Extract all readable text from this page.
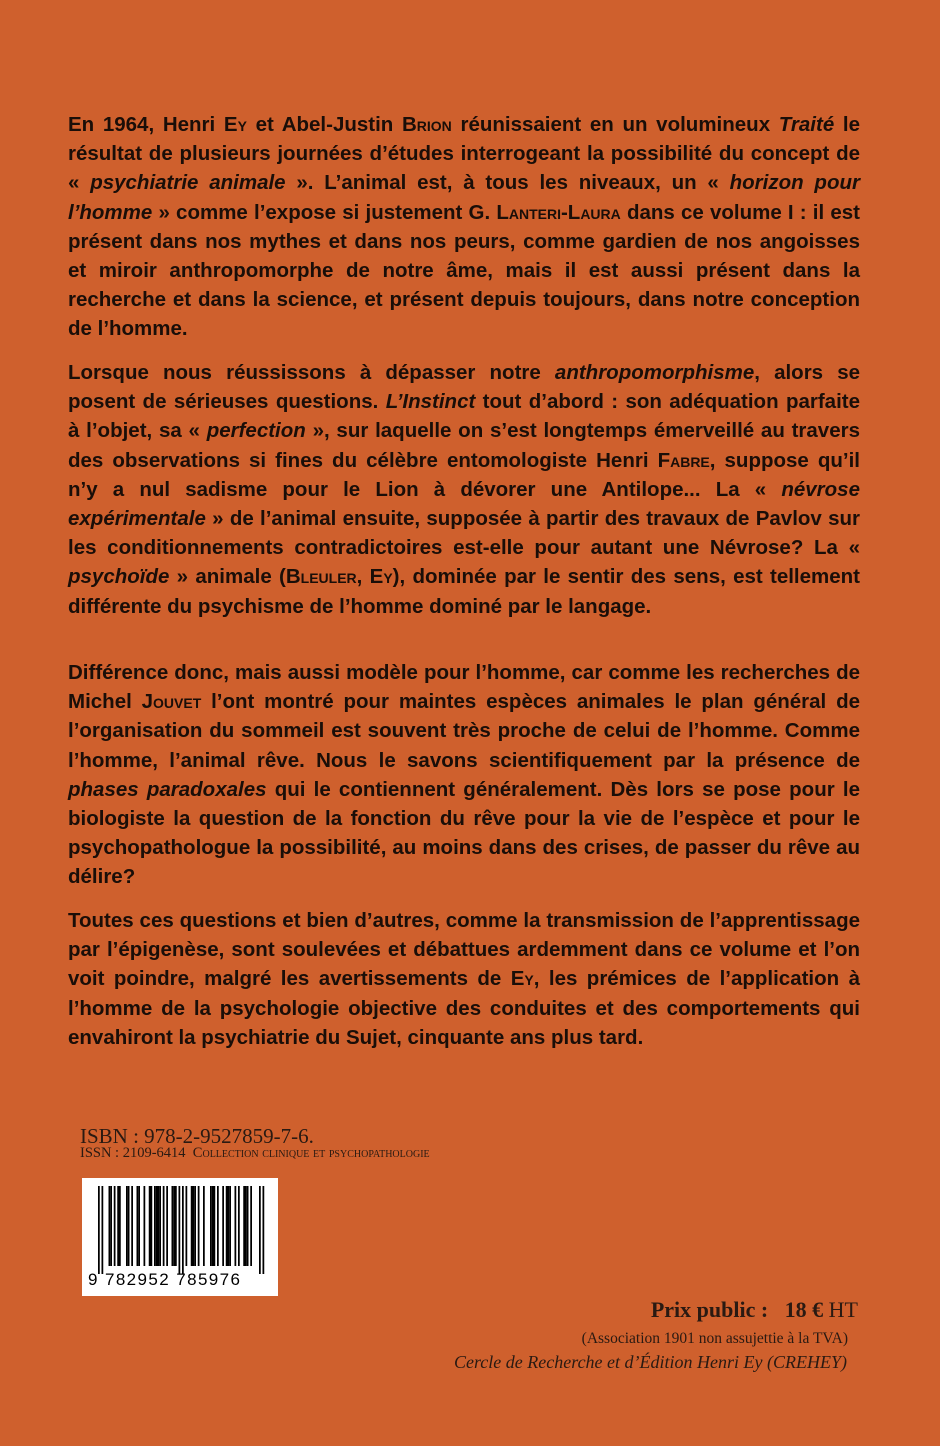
En 1964, Henri Ey et Abel-Justin Brion réunissaient en un volumineux Traité le résultat de plusieurs journées d’études interrogeant la possibilité du concept de « psychiatrie animale ». L’animal est, à tous les niveaux, un « horizon pour l’homme » comme l’expose si justement G. Lanteri-Laura dans ce volume I : il est présent dans nos mythes et dans nos peurs, comme gardien de nos angoisses et miroir anthropomorphe de notre âme, mais il est aussi présent dans la recherche et dans la science, et présent depuis toujours, dans notre conception de l’homme.

Lorsque nous réussissons à dépasser notre anthropomorphisme, alors se posent de sérieuses questions. L’Instinct tout d’abord : son adéquation parfaite à l’objet, sa « perfection », sur laquelle on s’est longtemps émerveillé au travers des observations si fines du célèbre entomologiste Henri Fabre, suppose qu’il n’y a nul sadisme pour le Lion à dévorer une Antilope... La « névrose expérimentale » de l’animal ensuite, supposée à partir des travaux de Pavlov sur les conditionnements contradictoires est-elle pour autant une Névrose? La « psychoïde » animale (Bleuler, Ey), dominée par le sentir des sens, est tellement différente du psychisme de l’homme dominé par le langage.

Différence donc, mais aussi modèle pour l’homme, car comme les recherches de Michel Jouvet l’ont montré pour maintes espèces animales le plan général de l’organisation du sommeil est souvent très proche de celui de l’homme. Comme l’homme, l’animal rêve. Nous le savons scientifiquement par la présence de phases paradoxales qui le contiennent généralement. Dès lors se pose pour le biologiste la question de la fonction du rêve pour la vie de l’espèce et pour le psychopathologue la possibilité, au moins dans des crises, de passer du rêve au délire?

Toutes ces questions et bien d’autres, comme la transmission de l’apprentissage par l’épigenèse, sont soulevées et débattues ardemment dans ce volume et l’on voit poindre, malgré les avertissements de Ey, les prémices de l’application à l’homme de la psychologie objective des conduites et des comportements qui envahiront la psychiatrie du Sujet, cinquante ans plus tard.

ISBN : 978-2-9527859-7-6.
ISSN : 2109-6414 Collection clinique et psychopathologie
9 782952 785976
Prix public : 18 € HT
(Association 1901 non assujettie à la TVA)
Cercle de Recherche et d’Édition Henri Ey (CREHEY)
